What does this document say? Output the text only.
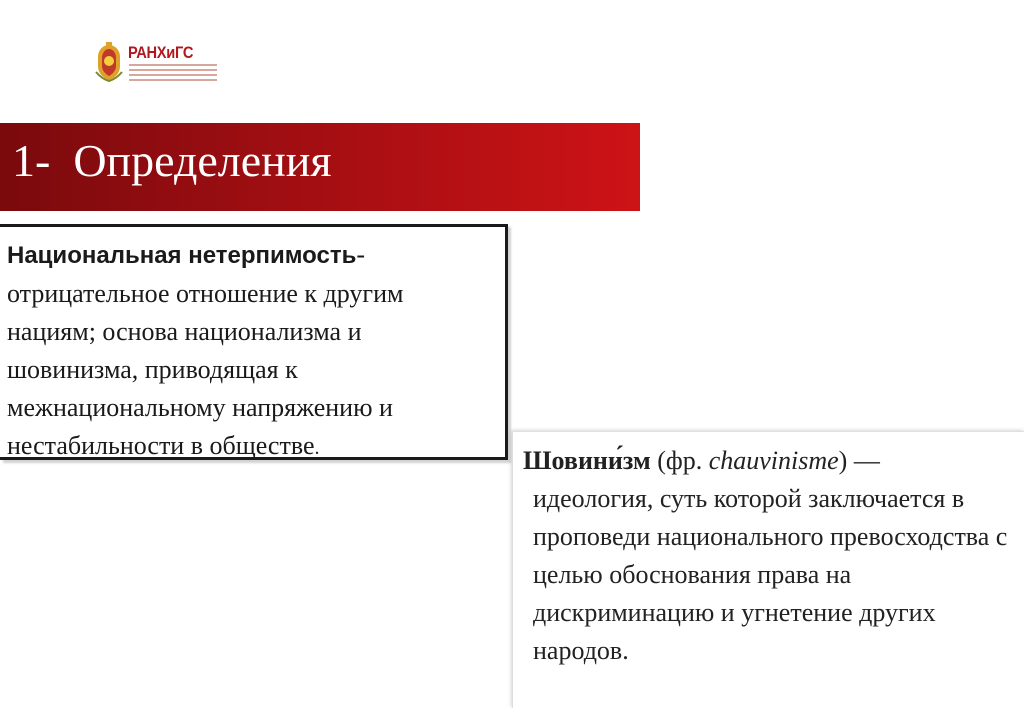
РАНХиГС
1-  Определения
Национальная нетерпимость- отрицательное отношение к другим нациям; основа национализма и шовинизма, приводящая к межнациональному напряжению и нестабильности в обществе.	Шовини́зм (фр. chauvinisme) —
идеология, суть которой заключается в проповеди национального превосходства с целью обоснования права на дискриминацию и угнетение других народов.
